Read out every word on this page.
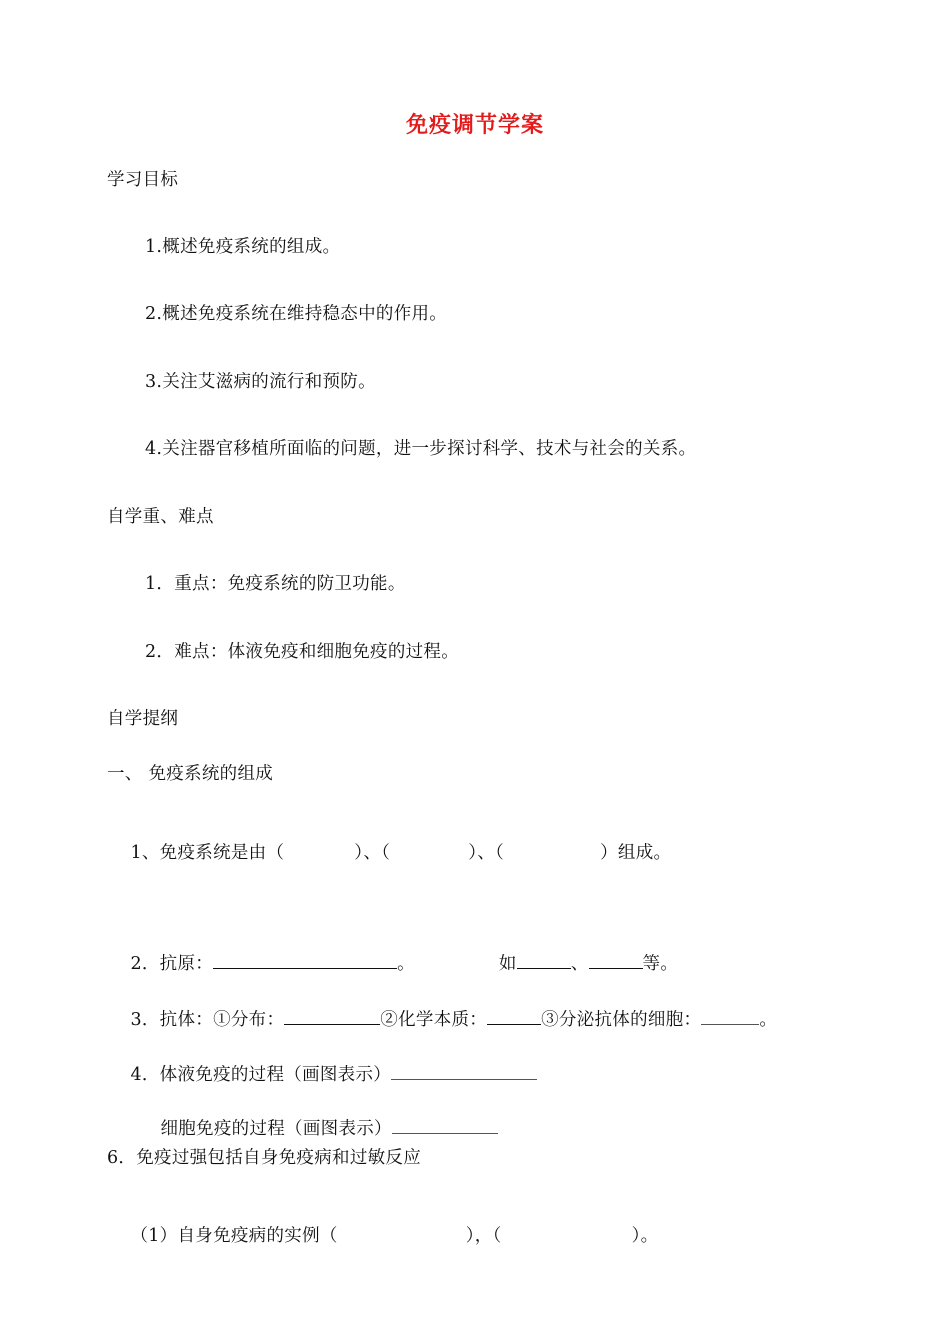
免疫调节学案
学习目标
1.概述免疫系统的组成。
2.概述免疫系统在维持稳态中的作用。
3.关注艾滋病的流行和预防。
4.关注器官移植所面临的问题，进一步探讨科学、技术与社会的关系。
自学重、难点
1．重点：免疫系统的防卫功能。
2．难点：体液免疫和细胞免疫的过程。
自学提纲
一、 免疫系统的组成

1、免疫系统是由（	）、（	）、（	）组成。

2．抗原：	。	如	、	等。

3．抗体：①分布：	②化学本质：	③分泌抗体的细胞：	。

4．体液免疫的过程（画图表示）

细胞免疫的过程（画图表示）

6．免疫过强包括自身免疫病和过敏反应

（1）自身免疫病的实例（	），（	）。
